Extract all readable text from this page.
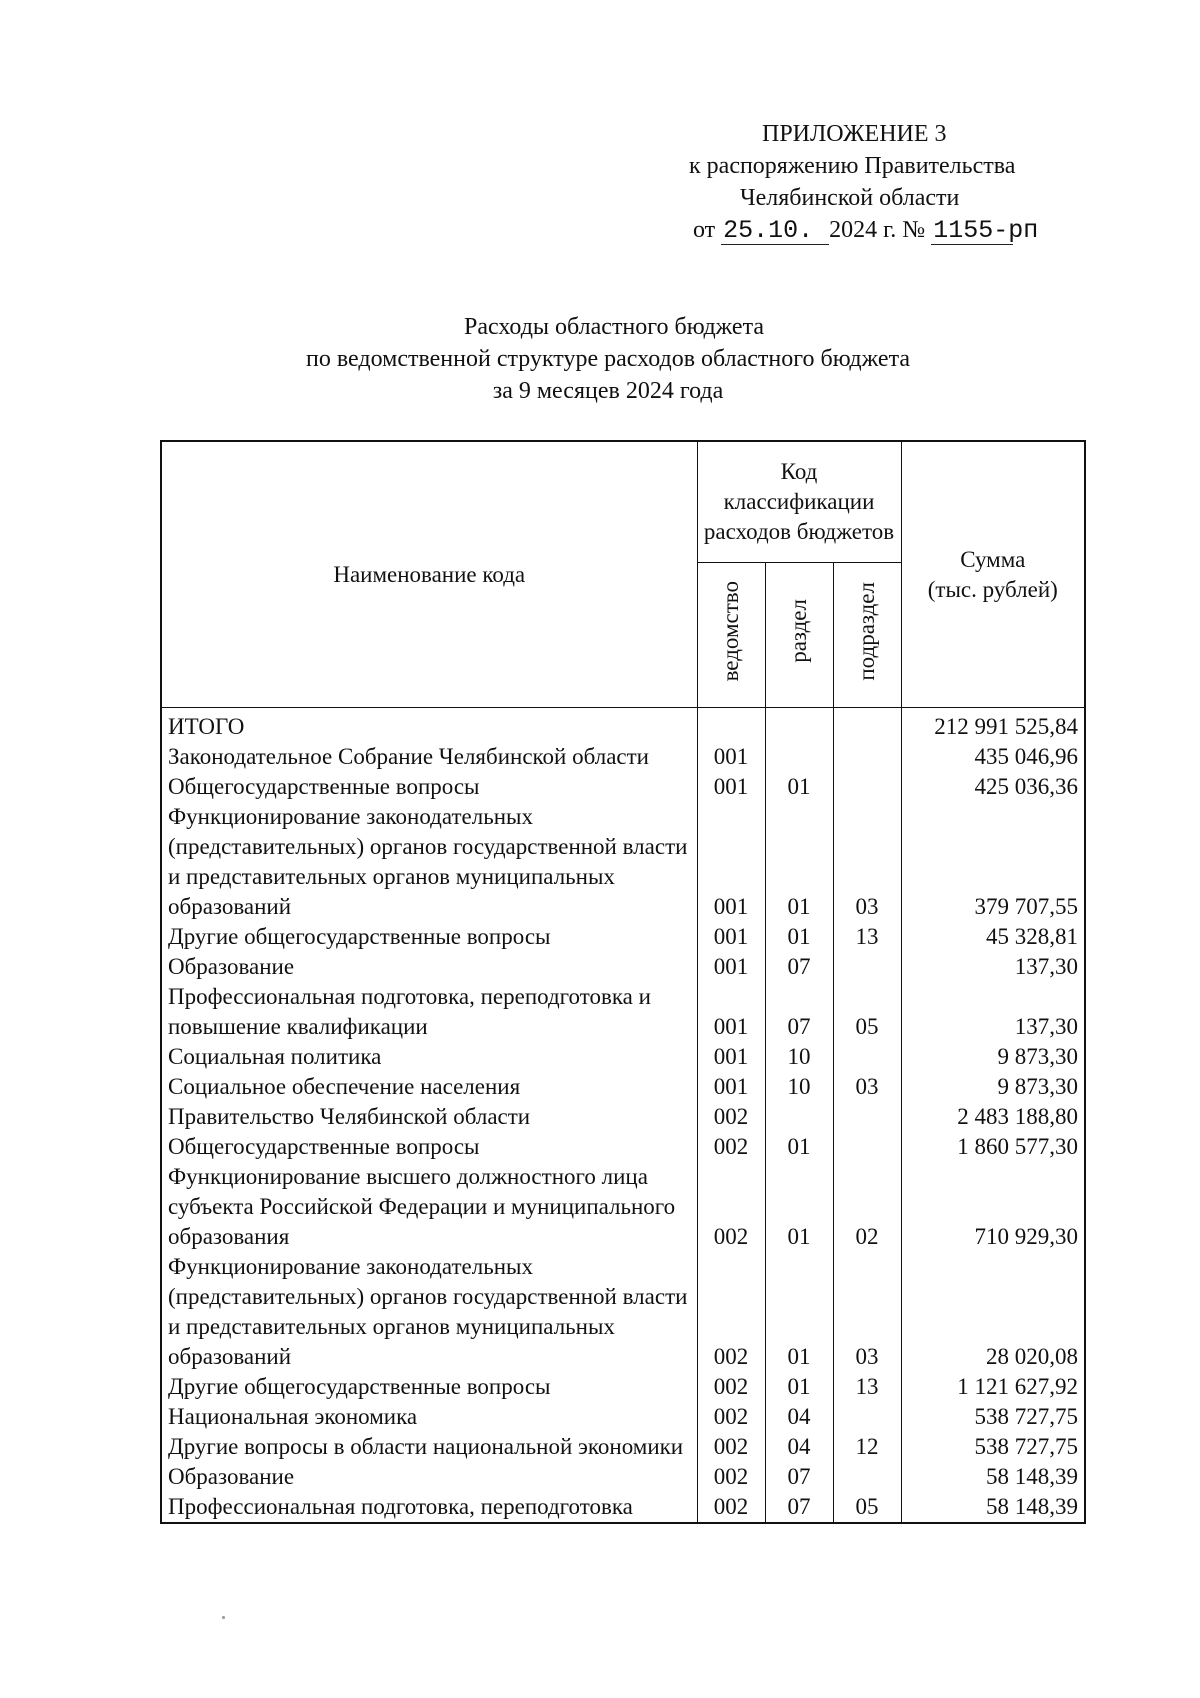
ПРИЛОЖЕНИЕ 3
к распоряжению Правительства
Челябинской области
от 25.10. 2024 г. № 1155-рп
Расходы областного бюджета
по ведомственной структуре расходов областного бюджета
за 9 месяцев 2024 года
Наименование кода	Код классификации расходов бюджетов			Сумма
(тыс. рублей)

	ведомство	раздел	подраздел	
ИТОГО				212 991 525,84
Законодательное Собрание Челябинской области	001			435 046,96
Общегосударственные вопросы	001	01		425 036,36
Функционирование законодательных (представительных) органов государственной власти и представительных органов муниципальных образований	001	01	03	379 707,55
Другие общегосударственные вопросы	001	01	13	45 328,81
Образование	001	07		137,30
Профессиональная подготовка, переподготовка и повышение квалификации	001	07	05	137,30
Социальная политика	001	10		9 873,30
Социальное обеспечение населения	001	10	03	9 873,30
Правительство Челябинской области	002			2 483 188,80
Общегосударственные вопросы	002	01		1 860 577,30
Функционирование высшего должностного лица субъекта Российской Федерации и муниципального образования	002	01	02	710 929,30
Функционирование законодательных (представительных) органов государственной власти и представительных органов муниципальных образований	002	01	03	28 020,08
Другие общегосударственные вопросы	002	01	13	1 121 627,92
Национальная экономика	002	04		538 727,75
Другие вопросы в области национальной экономики	002	04	12	538 727,75
Образование	002	07		58 148,39
Профессиональная подготовка, переподготовка	002	07	05	58 148,39
